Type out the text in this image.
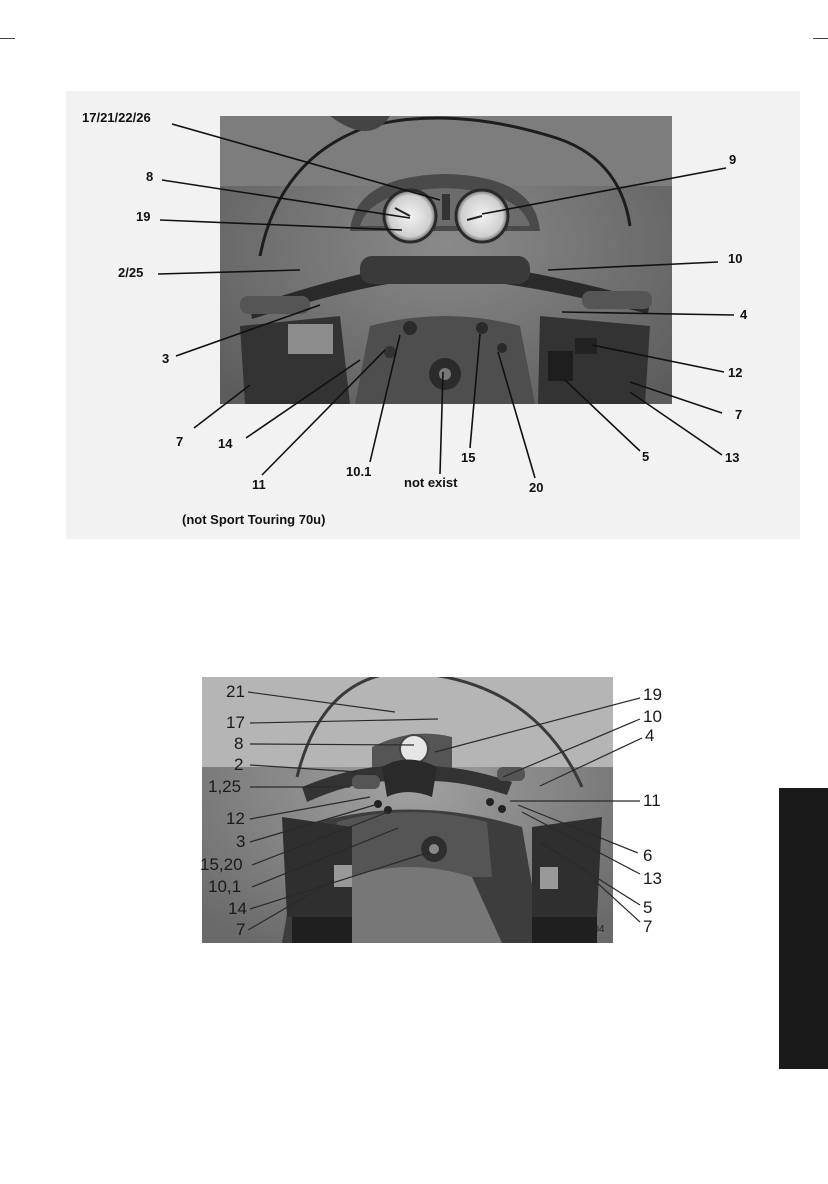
17/21/22/26
8
19
2/25
3
7	14
11
10.1
not exist
15
20
5	13
7
12
4
10
9
(not Sport Touring 70u)
21
17
8
2
1,25
12
3
15,20
10,1
14
7
19
10
4
11
6
13
5
7
00062204
